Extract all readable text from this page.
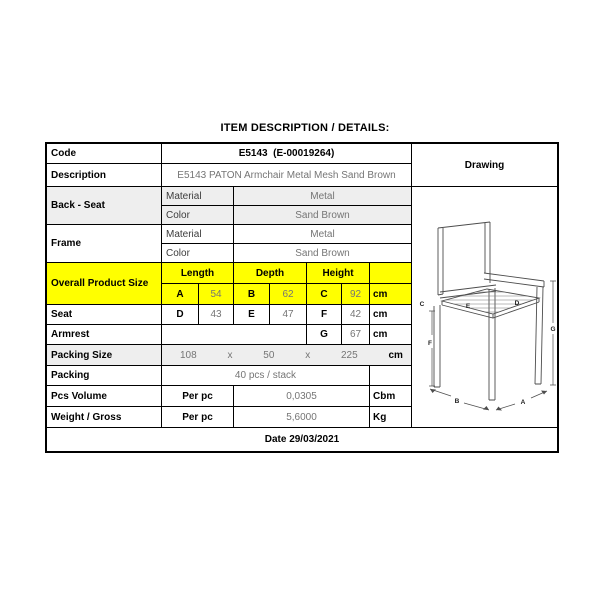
ITEM DESCRIPTION / DETAILS:
Code	E5143  (E-00019264)
Drawing
Description	E5143 PATON Armchair Metal Mesh Sand Brown
Back - Seat
Material	Metal
Color	Sand Brown
Frame
Material	Metal
Color	Sand Brown
Overall Product Size
Length	Depth	Height
A	54	B	62	C	92	cm
Seat	D	43	E	47	F	42	cm
Armrest	G	67	cm
Packing Size	108	x	50	x	225	cm
Packing	40 pcs / stack
Pcs Volume	Per pc	0,0305	Cbm
Weight / Gross	Per pc	5,6000	Kg
C
F
E	D
G
B	A
Date 29/03/2021
